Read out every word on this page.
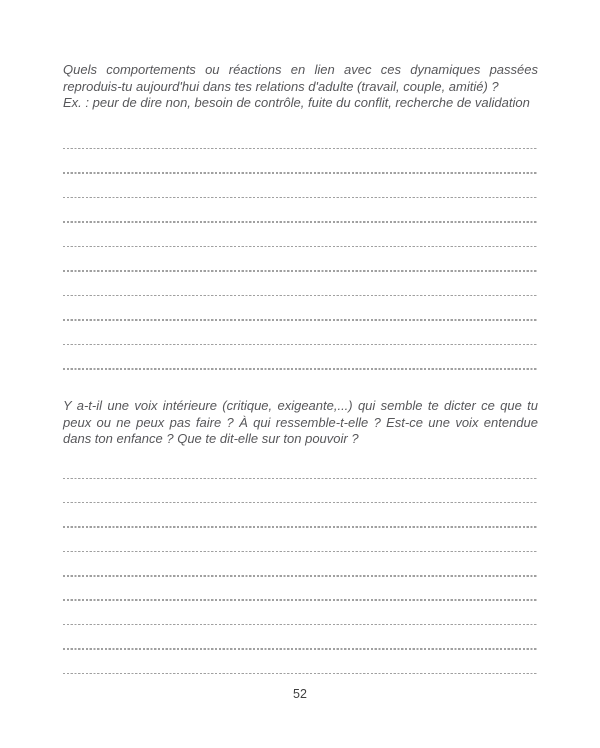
Quels comportements ou réactions en lien avec ces dynamiques passées reproduis-tu aujourd'hui dans tes relations d'adulte (travail, couple, amitié) ?

Ex. : peur de dire non, besoin de contrôle, fuite du conflit, recherche de validation

Y a-t-il une voix intérieure (critique, exigeante,...) qui semble te dicter ce que tu peux ou ne peux pas faire ? À qui ressemble-t-elle ? Est-ce une voix entendue dans ton enfance ? Que te dit-elle sur ton pouvoir ?

52
